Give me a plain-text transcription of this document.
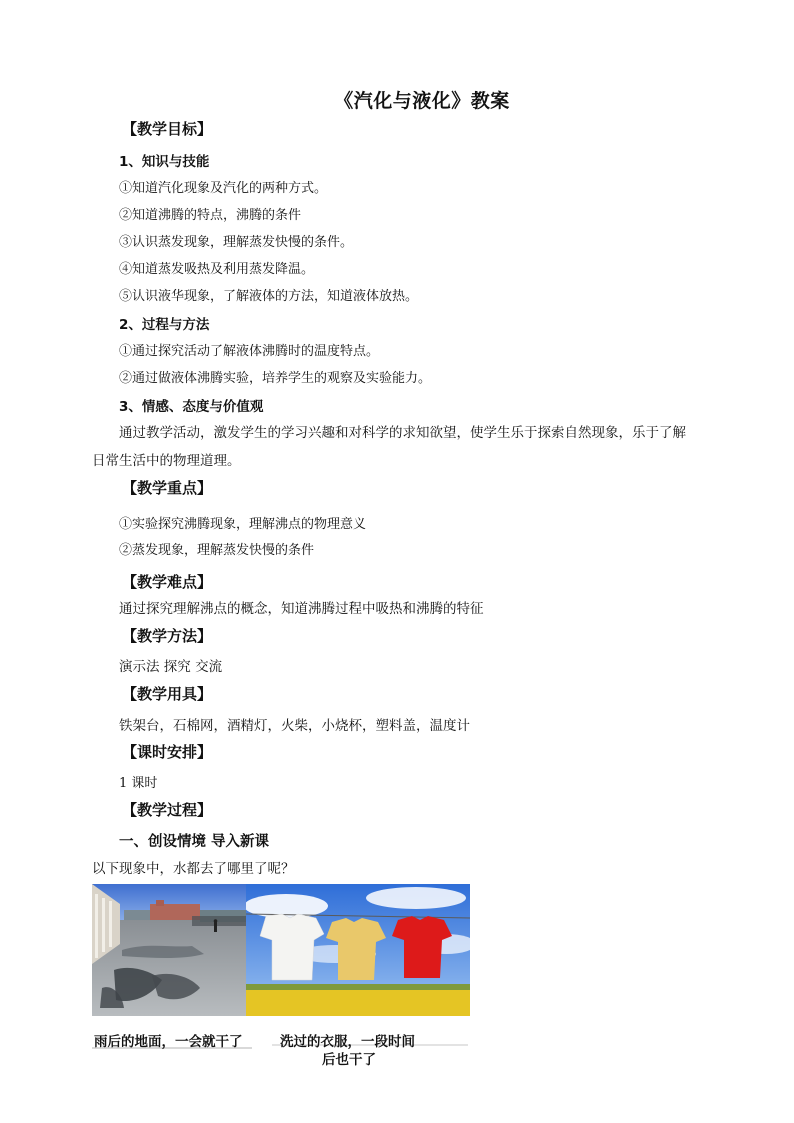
《汽化与液化》教案
【教学目标】
1、知识与技能
①知道汽化现象及汽化的两种方式。
②知道沸腾的特点，沸腾的条件
③认识蒸发现象，理解蒸发快慢的条件。
④知道蒸发吸热及利用蒸发降温。
⑤认识液华现象，了解液体的方法，知道液体放热。
2、过程与方法
①通过探究活动了解液体沸腾时的温度特点。
②通过做液体沸腾实验，培养学生的观察及实验能力。
3、情感、态度与价值观
通过教学活动，激发学生的学习兴趣和对科学的求知欲望，使学生乐于探索自然现象，乐于了解
日常生活中的物理道理。
【教学重点】
①实验探究沸腾现象，理解沸点的物理意义
②蒸发现象，理解蒸发快慢的条件
【教学难点】
通过探究理解沸点的概念，知道沸腾过程中吸热和沸腾的特征
【教学方法】
演示法 探究 交流
【教学用具】
铁架台，石棉网，酒精灯，火柴，小烧杯，塑料盖，温度计
【课时安排】
1 课时
【教学过程】
一、创设情境 导入新课
以下现象中，水都去了哪里了呢？
雨后的地面，一会就干了	洗过的衣服，一段时间
后也干了
